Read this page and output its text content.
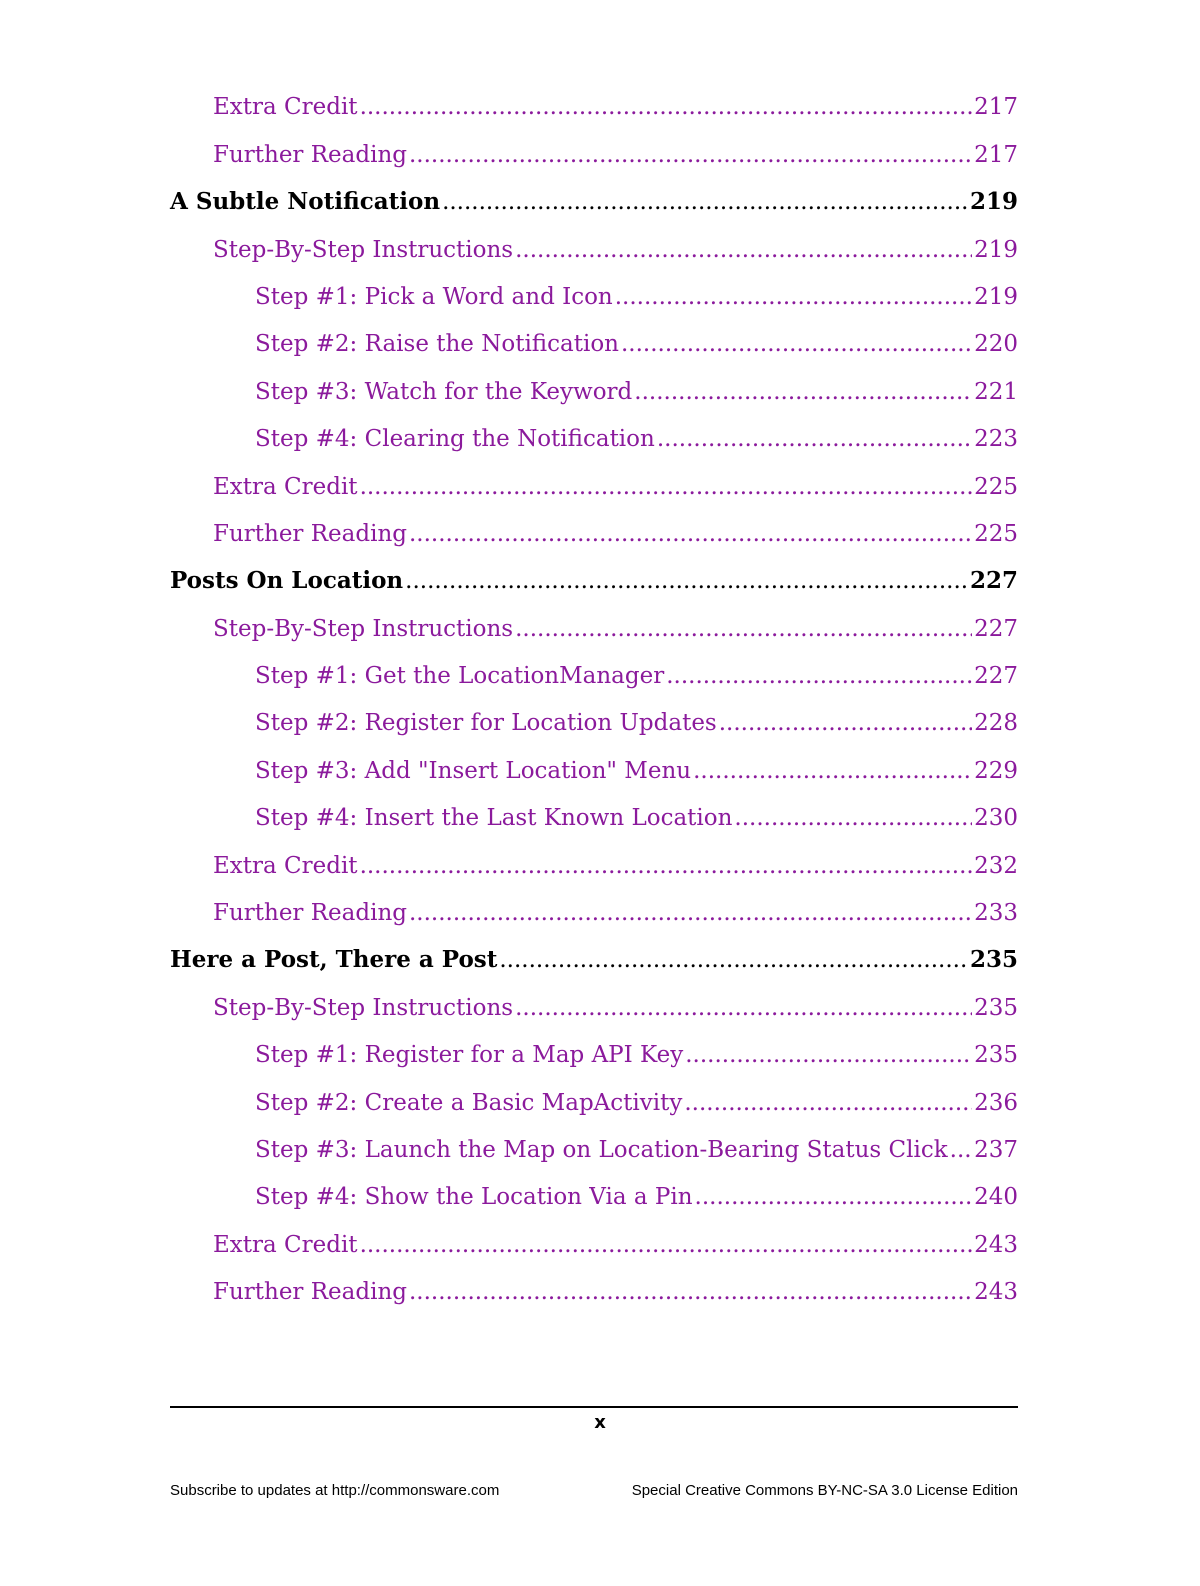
Extra Credit .....	217
Further Reading .....	217
A Subtle Notification .....	219
Step-By-Step Instructions .....	219
Step #1: Pick a Word and Icon .....	219
Step #2: Raise the Notification .....	220
Step #3: Watch for the Keyword .....	221
Step #4: Clearing the Notification .....	223
Extra Credit .....	225
Further Reading .....	225
Posts On Location .....	227
Step-By-Step Instructions .....	227
Step #1: Get the LocationManager .....	227
Step #2: Register for Location Updates .....	228
Step #3: Add "Insert Location" Menu .....	229
Step #4: Insert the Last Known Location .....	230
Extra Credit .....	232
Further Reading .....	233
Here a Post, There a Post .....	235
Step-By-Step Instructions .....	235
Step #1: Register for a Map API Key .....	235
Step #2: Create a Basic MapActivity .....	236
Step #3: Launch the Map on Location-Bearing Status Click ..... 237
Step #4: Show the Location Via a Pin .....	240
Extra Credit .....	243
Further Reading .....	243
x
Subscribe to updates at http://commonsware.com	Special Creative Commons BY-NC-SA 3.0 License Edition
